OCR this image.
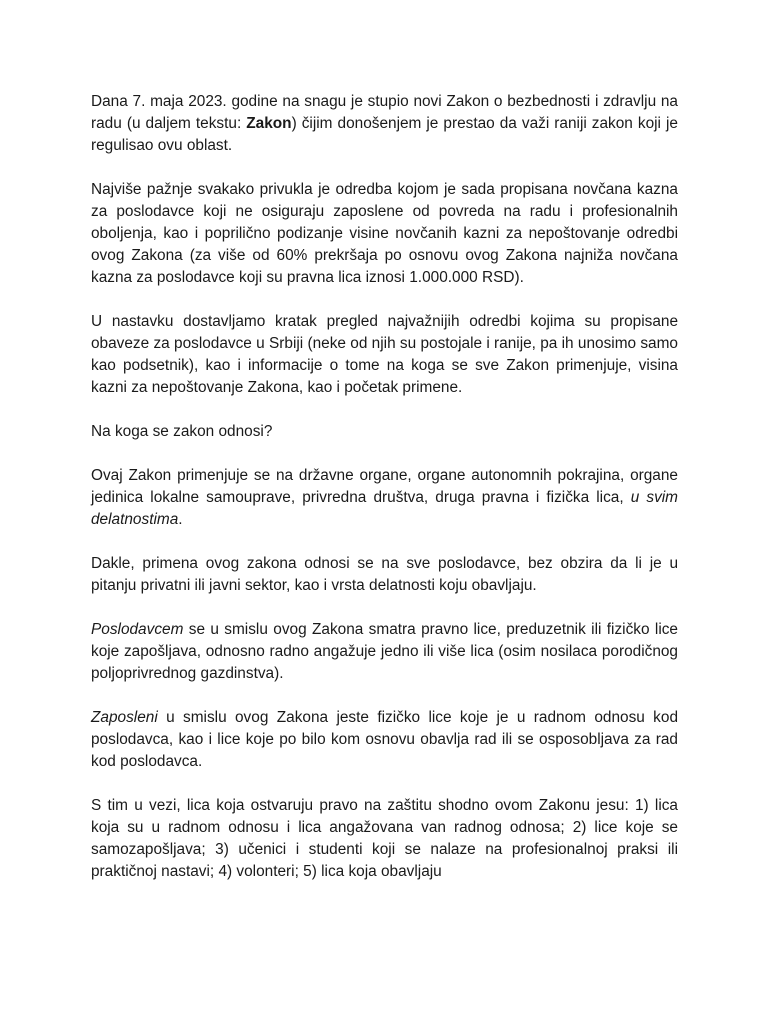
Dana 7. maja 2023. godine na snagu je stupio novi Zakon o bezbednosti i zdravlju na radu (u daljem tekstu: Zakon) čijim donošenjem je prestao da važi raniji zakon koji je regulisao ovu oblast.

Najviše pažnje svakako privukla je odredba kojom je sada propisana novčana kazna za poslodavce koji ne osiguraju zaposlene od povreda na radu i profesionalnih oboljenja, kao i poprilično podizanje visine novčanih kazni za nepoštovanje odredbi ovog Zakona (za više od 60% prekršaja po osnovu ovog Zakona najniža novčana kazna za poslodavce koji su pravna lica iznosi 1.000.000 RSD).

U nastavku dostavljamo kratak pregled najvažnijih odredbi kojima su propisane obaveze za poslodavce u Srbiji (neke od njih su postojale i ranije, pa ih unosimo samo kao podsetnik), kao i informacije o tome na koga se sve Zakon primenjuje, visina kazni za nepoštovanje Zakona, kao i početak primene.

Na koga se zakon odnosi?

Ovaj Zakon primenjuje se na državne organe, organe autonomnih pokrajina, organe jedinica lokalne samouprave, privredna društva, druga pravna i fizička lica, u svim delatnostima.

Dakle, primena ovog zakona odnosi se na sve poslodavce, bez obzira da li je u pitanju privatni ili javni sektor, kao i vrsta delatnosti koju obavljaju.

Poslodavcem se u smislu ovog Zakona smatra pravno lice, preduzetnik ili fizičko lice koje zapošljava, odnosno radno angažuje jedno ili više lica (osim nosilaca porodičnog poljoprivrednog gazdinstva).

Zaposleni u smislu ovog Zakona jeste fizičko lice koje je u radnom odnosu kod poslodavca, kao i lice koje po bilo kom osnovu obavlja rad ili se osposobljava za rad kod poslodavca.

S tim u vezi, lica koja ostvaruju pravo na zaštitu shodno ovom Zakonu jesu: 1) lica koja su u radnom odnosu i lica angažovana van radnog odnosa; 2) lice koje se samozapošljava; 3) učenici i studenti koji se nalaze na profesionalnoj praksi ili praktičnoj nastavi; 4) volonteri; 5) lica koja obavljaju
